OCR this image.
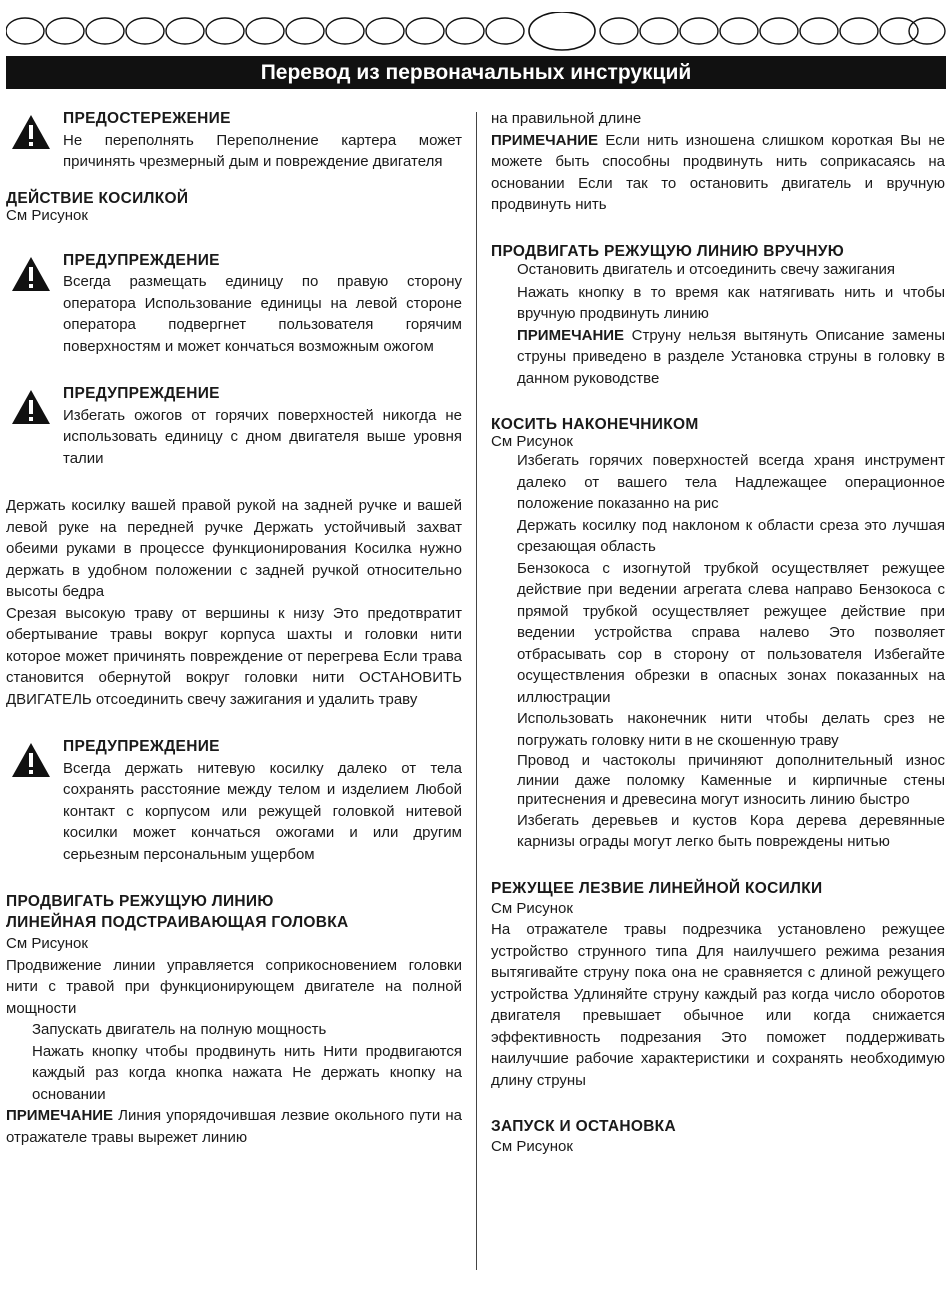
Перевод из первоначальных инструкций
ПРЕДОСТЕРЕЖЕНИЕ

Не переполнять Переполнение картера может причинять чрезмерный дым и повреждение двигателя

ДЕЙСТВИЕ КОСИЛКОЙ

См Рисунок

ПРЕДУПРЕЖДЕНИЕ

Всегда размещать единицу по правую сторону оператора Использование единицы на левой стороне оператора подвергнет пользователя горячим поверхностям и может кончаться возможным ожогом

ПРЕДУПРЕЖДЕНИЕ

Избегать ожогов от горячих поверхностей никогда не использовать единицу с дном двигателя выше уровня талии

Держать косилку вашей правой рукой на задней ручке и вашей левой руке на передней ручке Держать устойчивый захват обеими руками в процессе функционирования Косилка нужно держать в удобном положении с задней ручкой относительно высоты бедра

Срезая высокую траву от вершины к низу Это предотвратит обертывание травы вокруг корпуса шахты и головки нити которое может причинять повреждение от перегрева Если трава становится обернутой вокруг головки нити ОСТАНОВИТЬ ДВИГАТЕЛЬ отсоединить свечу зажигания и удалить траву

ПРЕДУПРЕЖДЕНИЕ

Всегда держать нитевую косилку далеко от тела сохранять расстояние между телом и изделием Любой контакт с корпусом или режущей головкой нитевой косилки может кончаться ожогами и или другим серьезным персональным ущербом

ПРОДВИГАТЬ РЕЖУЩУЮ ЛИНИЮ
ЛИНЕЙНАЯ ПОДСТРАИВАЮЩАЯ ГОЛОВКА

См Рисунок

Продвижение линии управляется соприкосновением головки нити с травой при функционирующем двигателе на полной мощности

Запускать двигатель на полную мощность

Нажать кнопку чтобы продвинуть нить Нити продвигаются каждый раз когда кнопка нажата Не держать кнопку на основании

ПРИМЕЧАНИЕ Линия упорядочившая лезвие окольного пути на отражателе травы вырежет линию

на правильной длине

ПРИМЕЧАНИЕ Если нить изношена слишком короткая Вы не можете быть способны продвинуть нить соприкасаясь на основании Если так то остановить двигатель и вручную продвинуть нить

ПРОДВИГАТЬ РЕЖУЩУЮ ЛИНИЮ ВРУЧНУЮ

Остановить двигатель и отсоединить свечу зажигания

Нажать кнопку в то время как натягивать нить и чтобы вручную продвинуть линию

ПРИМЕЧАНИЕ Струну нельзя вытянуть Описание замены струны приведено в разделе Установка струны в головку в данном руководстве

КОСИТЬ НАКОНЕЧНИКОМ

См Рисунок

Избегать горячих поверхностей всегда храня инструмент далеко от вашего тела Надлежащее операционное положение показанно на рис

Держать косилку под наклоном к области среза это лучшая срезающая область

Бензокоса с изогнутой трубкой осуществляет режущее действие при ведении агрегата слева направо Бензокоса с прямой трубкой осуществляет режущее действие при ведении устройства справа налево Это позволяет отбрасывать сор в сторону от пользователя Избегайте осуществления обрезки в опасных зонах показанных на иллюстрации

Использовать наконечник нити чтобы делать срез не погружать головку нити в не скошенную траву

Провод и частоколы причиняют дополнительный износ линии даже поломку Каменные и кирпичные стены притеснения и древесина могут износить линию быстро

Избегать деревьев и кустов Кора дерева деревянные карнизы ограды могут легко быть повреждены нитью

РЕЖУЩЕЕ ЛЕЗВИЕ ЛИНЕЙНОЙ КОСИЛКИ

См Рисунок

На отражателе травы подрезчика установлено режущее устройство струнного типа Для наилучшего режима резания вытягивайте струну пока она не сравняется с длиной режущего устройства Удлиняйте струну каждый раз когда число оборотов двигателя превышает обычное или когда снижается эффективность подрезания Это поможет поддерживать наилучшие рабочие характеристики и сохранять необходимую длину струны

ЗАПУСК И ОСТАНОВКА

См Рисунок
